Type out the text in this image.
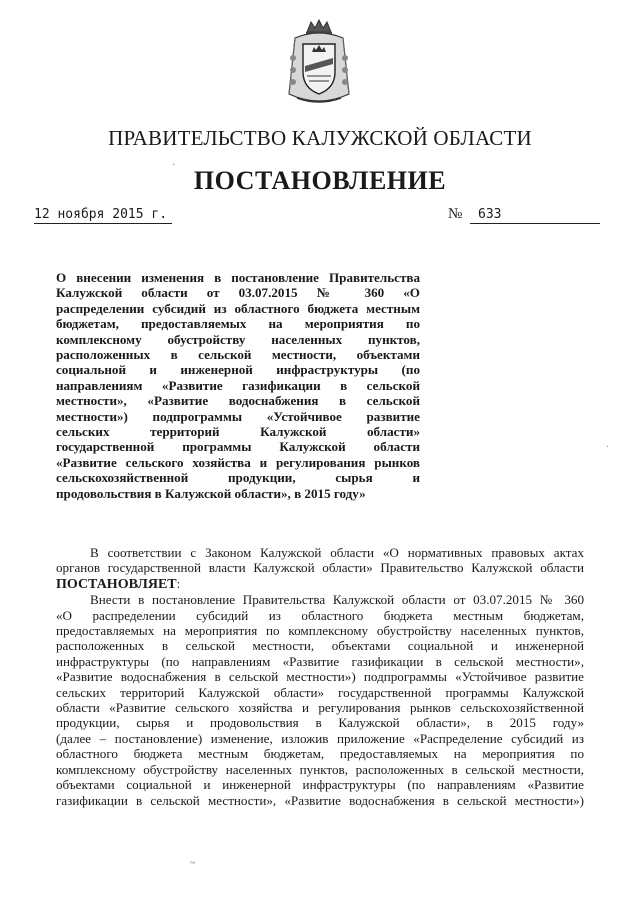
ПРАВИТЕЛЬСТВО КАЛУЖСКОЙ ОБЛАСТИ
ПОСТАНОВЛЕНИЕ
12 ноября 2015 г.	№	633
·
·
~
О внесении изменения в постановление Правительства
Калужской области от 03.07.2015 № 360 «О
распределении субсидий из областного бюджета местным
бюджетам, предоставляемых на мероприятия по
комплексному обустройству населенных пунктов,
расположенных в сельской местности, объектами
социальной и инженерной инфраструктуры (по
направлениям «Развитие газификации в сельской
местности», «Развитие водоснабжения в сельской
местности») подпрограммы «Устойчивое развитие
сельских территорий Калужской области»
государственной программы Калужской области
«Развитие сельского хозяйства и регулирования рынков
сельскохозяйственной продукции, сырья и
продовольствия в Калужской области», в 2015 году»
В соответствии с Законом Калужской области «О нормативных правовых актах
органов государственной власти Калужской области» Правительство Калужской области
ПОСТАНОВЛЯЕТ:
Внести в постановление Правительства Калужской области от 03.07.2015 № 360
«О распределении субсидий из областного бюджета местным бюджетам,
предоставляемых на мероприятия по комплексному обустройству населенных пунктов,
расположенных в сельской местности, объектами социальной и инженерной
инфраструктуры (по направлениям «Развитие газификации в сельской местности»,
«Развитие водоснабжения в сельской местности») подпрограммы «Устойчивое развитие
сельских территорий Калужской области» государственной программы Калужской
области «Развитие сельского хозяйства и регулирования рынков сельскохозяйственной
продукции, сырья и продовольствия в Калужской области», в 2015 году»
(далее – постановление) изменение, изложив приложение «Распределение субсидий из
областного бюджета местным бюджетам, предоставляемых на мероприятия по
комплексному обустройству населенных пунктов, расположенных в сельской местности,
объектами социальной и инженерной инфраструктуры (по направлениям «Развитие
газификации в сельской местности», «Развитие водоснабжения в сельской местности»)
